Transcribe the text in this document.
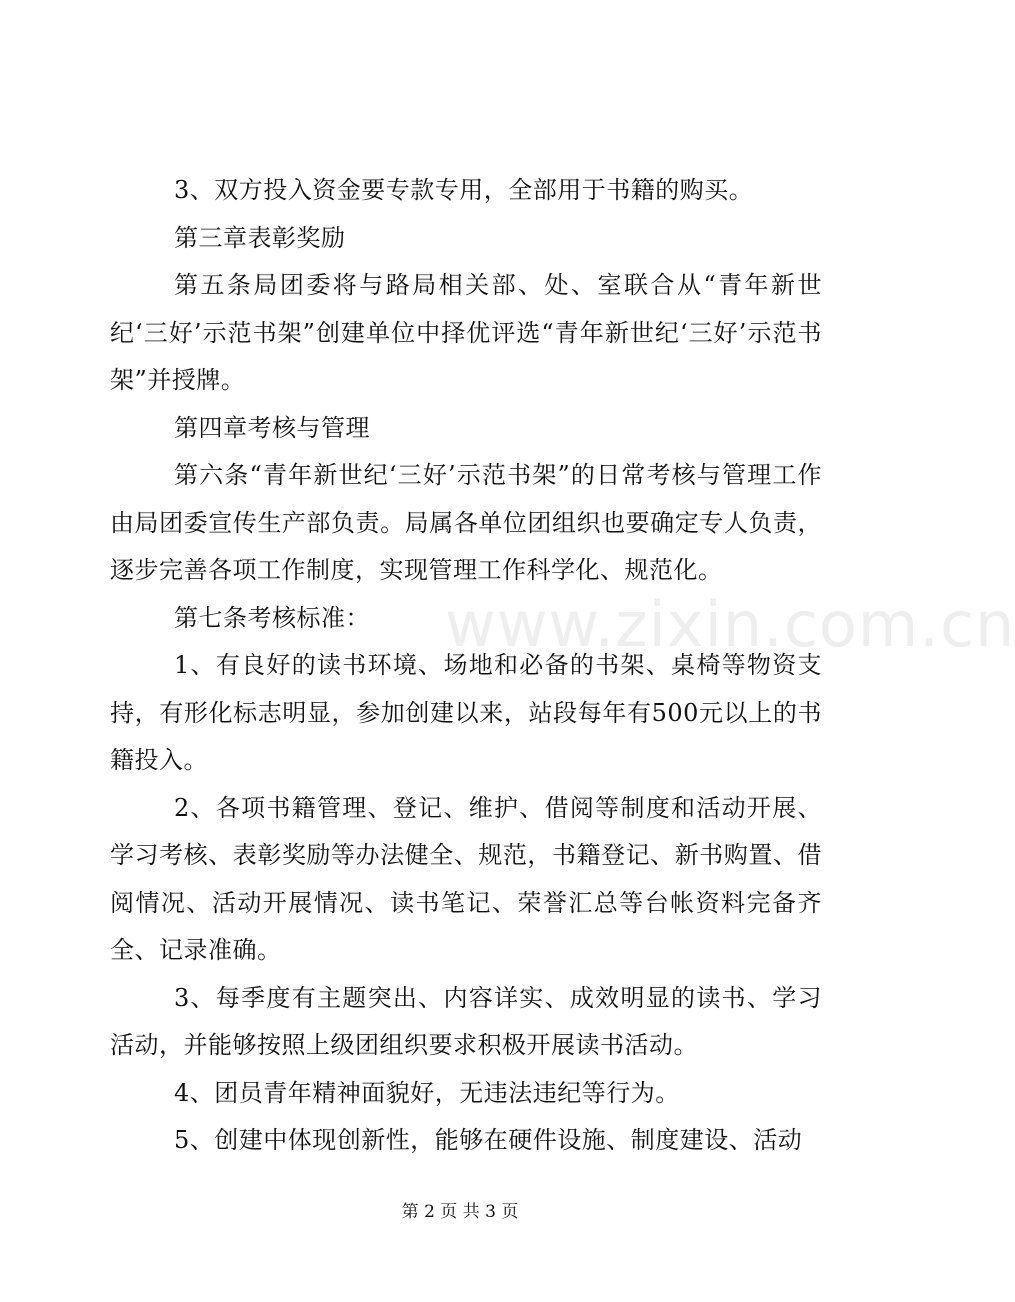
www.zixin.com.cn

3、双方投入资金要专款专用，全部用于书籍的购买。

第三章表彰奖励

第五条局团委将与路局相关部、处、室联合从“青年新世纪‘三好’示范书架”创建单位中择优评选“青年新世纪‘三好’示范书架”并授牌。

第四章考核与管理

第六条“青年新世纪‘三好’示范书架”的日常考核与管理工作由局团委宣传生产部负责。局属各单位团组织也要确定专人负责，逐步完善各项工作制度，实现管理工作科学化、规范化。

第七条考核标准：

1、有良好的读书环境、场地和必备的书架、桌椅等物资支持，有形化标志明显，参加创建以来，站段每年有500元以上的书籍投入。

2、各项书籍管理、登记、维护、借阅等制度和活动开展、学习考核、表彰奖励等办法健全、规范，书籍登记、新书购置、借阅情况、活动开展情况、读书笔记、荣誉汇总等台帐资料完备齐全、记录准确。

3、每季度有主题突出、内容详实、成效明显的读书、学习活动，并能够按照上级团组织要求积极开展读书活动。

4、团员青年精神面貌好，无违法违纪等行为。

5、创建中体现创新性，能够在硬件设施、制度建设、活动

第 2 页 共 3 页
